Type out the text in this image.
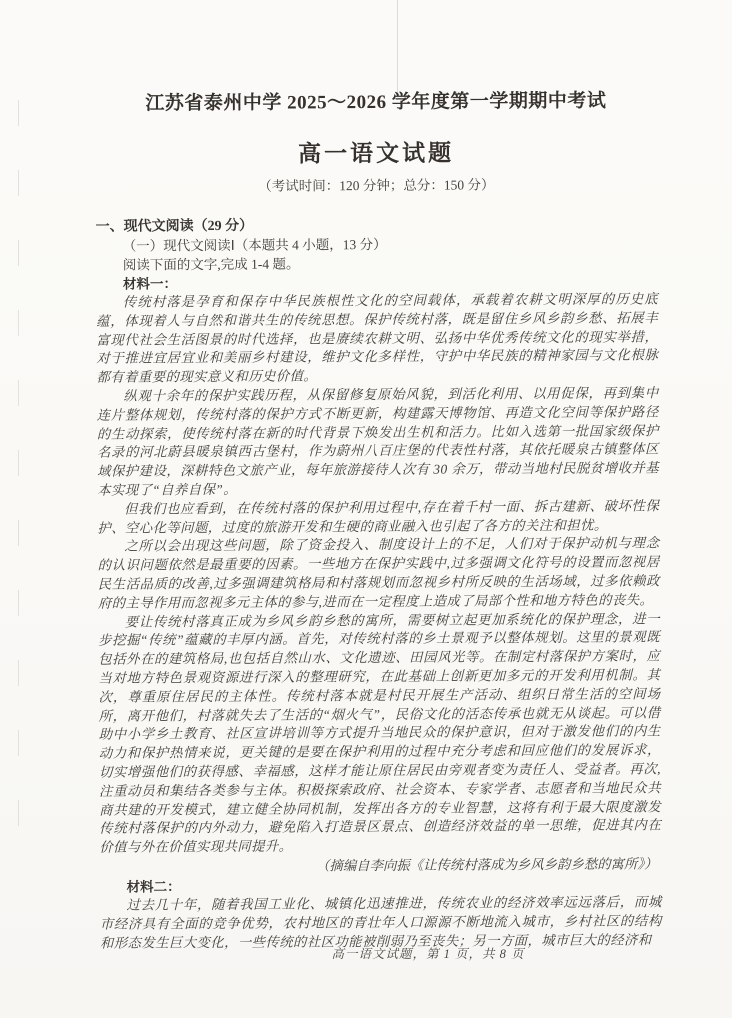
江苏省泰州中学 2025～2026 学年度第一学期期中考试
高一语文试题
（考试时间：120 分钟；总分：150 分）
一、现代文阅读（29 分）
（一）现代文阅读Ⅰ（本题共 4 小题，13 分）
阅读下面的文字,完成 1-4 题。
材料一：

传统村落是孕育和保存中华民族根性文化的空间载体，承载着农耕文明深厚的历史底蕴，体现着人与自然和谐共生的传统思想。保护传统村落，既是留住乡风乡韵乡愁、拓展丰富现代社会生活图景的时代选择，也是赓续农耕文明、弘扬中华优秀传统文化的现实举措，对于推进宜居宜业和美丽乡村建设，维护文化多样性，守护中华民族的精神家园与文化根脉都有着重要的现实意义和历史价值。

纵观十余年的保护实践历程，从保留修复原始风貌，到活化利用、以用促保，再到集中连片整体规划，传统村落的保护方式不断更新，构建露天博物馆、再造文化空间等保护路径的生动探索，使传统村落在新的时代背景下焕发出生机和活力。比如入选第一批国家级保护名录的河北蔚县暖泉镇西古堡村，作为蔚州八百庄堡的代表性村落，其依托暖泉古镇整体区域保护建设，深耕特色文旅产业，每年旅游接待人次有 30 余万，带动当地村民脱贫增收并基本实现了“自养自保”。

但我们也应看到，在传统村落的保护利用过程中,存在着千村一面、拆古建新、破坏性保护、空心化等问题，过度的旅游开发和生硬的商业融入也引起了各方的关注和担忧。

之所以会出现这些问题，除了资金投入、制度设计上的不足，人们对于保护动机与理念的认识问题依然是最重要的因素。一些地方在保护实践中,过多强调文化符号的设置而忽视居民生活品质的改善,过多强调建筑格局和村落规划而忽视乡村所反映的生活场域，过多依赖政府的主导作用而忽视多元主体的参与,进而在一定程度上造成了局部个性和地方特色的丧失。

要让传统村落真正成为乡风乡韵乡愁的寓所，需要树立起更加系统化的保护理念，进一步挖掘“传统”蕴藏的丰厚内涵。首先，对传统村落的乡土景观予以整体规划。这里的景观既包括外在的建筑格局,也包括自然山水、文化遗迹、田园风光等。在制定村落保护方案时，应当对地方特色景观资源进行深入的整理研究，在此基础上创新更加多元的开发利用机制。其次，尊重原住居民的主体性。传统村落本就是村民开展生产活动、组织日常生活的空间场所，离开他们，村落就失去了生活的“烟火气”，民俗文化的活态传承也就无从谈起。可以借助中小学乡土教育、社区宣讲培训等方式提升当地民众的保护意识，但对于激发他们的内生动力和保护热情来说，更关键的是要在保护利用的过程中充分考虑和回应他们的发展诉求，切实增强他们的获得感、幸福感，这样才能让原住居民由旁观者变为责任人、受益者。再次,注重动员和集结各类参与主体。积极探索政府、社会资本、专家学者、志愿者和当地民众共商共建的开发模式，建立健全协同机制，发挥出各方的专业智慧，这将有利于最大限度激发传统村落保护的内外动力，避免陷入打造景区景点、创造经济效益的单一思维，促进其内在价值与外在价值实现共同提升。

（摘编自李向振《让传统村落成为乡风乡韵乡愁的寓所》）
材料二：

过去几十年，随着我国工业化、城镇化迅速推进，传统农业的经济效率远远落后，而城市经济具有全面的竞争优势，农村地区的青壮年人口源源不断地流入城市，乡村社区的结构和形态发生巨大变化，一些传统的社区功能被削弱乃至丧失；另一方面，城市巨大的经济和

高一语文试题，第 1 页，共 8 页
